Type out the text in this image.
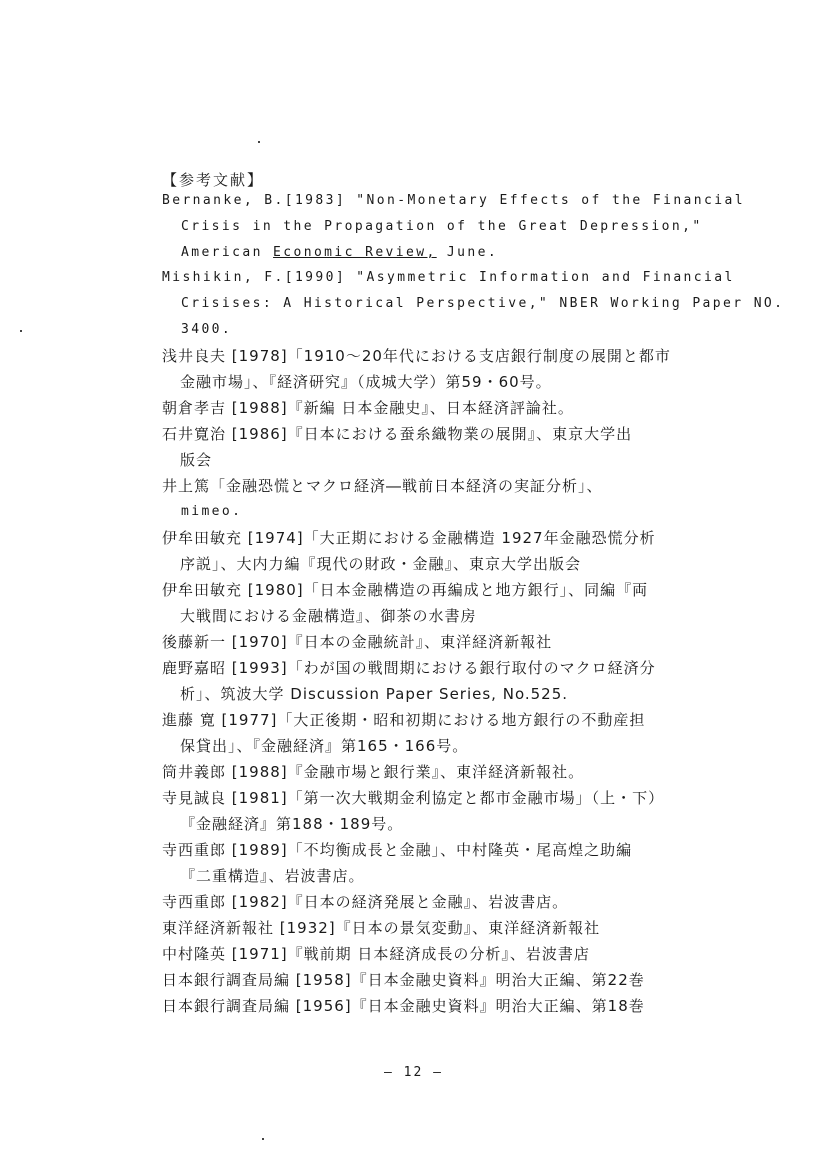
【参考文献】
Bernanke, B.[1983] "Non-Monetary Effects of the Financial
Crisis in the Propagation of the Great Depression,"
American Economic Review, June.
Mishikin, F.[1990] "Asymmetric Information and Financial
Crisises: A Historical Perspective," NBER Working Paper NO.
3400.
浅井良夫 [1978]「1910～20年代における支店銀行制度の展開と都市
金融市場」、『経済研究』（成城大学）第59・60号。
朝倉孝吉 [1988]『新編 日本金融史』、日本経済評論社。
石井寛治 [1986]『日本における蚕糸織物業の展開』、東京大学出
版会
井上篤「金融恐慌とマクロ経済―戦前日本経済の実証分析」、
mimeo.
伊牟田敏充 [1974]「大正期における金融構造 1927年金融恐慌分析
序説」、大内力編『現代の財政・金融』、東京大学出版会
伊牟田敏充 [1980]「日本金融構造の再編成と地方銀行」、同編『両
大戦間における金融構造』、御茶の水書房
後藤新一 [1970]『日本の金融統計』、東洋経済新報社
鹿野嘉昭 [1993]「わが国の戦間期における銀行取付のマクロ経済分
析」、筑波大学 Discussion Paper Series, No.525.
進藤 寛 [1977]「大正後期・昭和初期における地方銀行の不動産担
保貸出」、『金融経済』第165・166号。
筒井義郎 [1988]『金融市場と銀行業』、東洋経済新報社。
寺見誠良 [1981]「第一次大戦期金利協定と都市金融市場」（上・下）
『金融経済』第188・189号。
寺西重郎 [1989]「不均衡成長と金融」、中村隆英・尾高煌之助編
『二重構造』、岩波書店。
寺西重郎 [1982]『日本の経済発展と金融』、岩波書店。
東洋経済新報社 [1932]『日本の景気変動』、東洋経済新報社
中村隆英 [1971]『戦前期 日本経済成長の分析』、岩波書店
日本銀行調査局編 [1958]『日本金融史資料』明治大正編、第22巻
日本銀行調査局編 [1956]『日本金融史資料』明治大正編、第18巻
― 12 ―
